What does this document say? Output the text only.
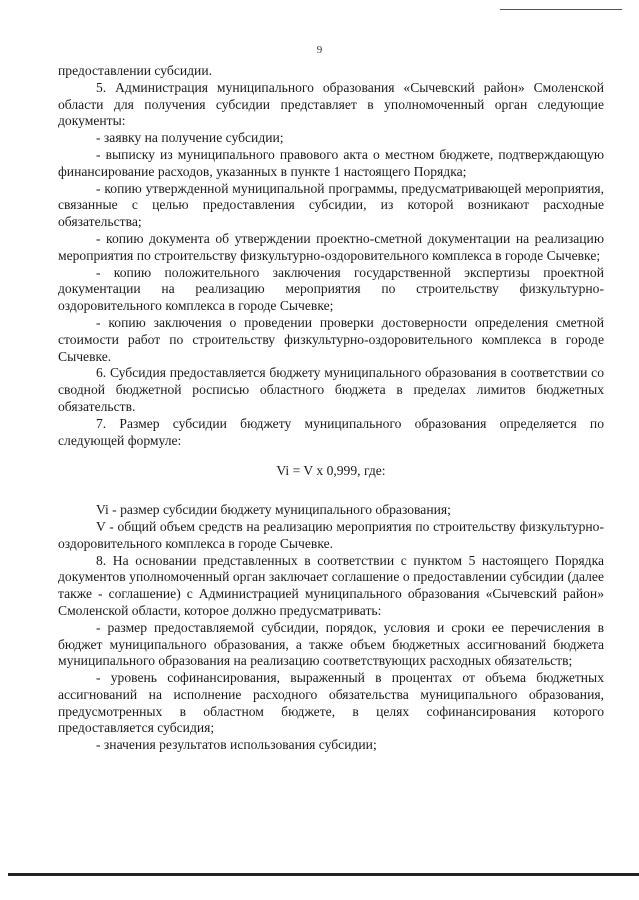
9

предоставлении субсидии.

5. Администрация муниципального образования «Сычевский район» Смоленской области для получения субсидии представляет в уполномоченный орган следующие документы:

- заявку на получение субсидии;

- выписку из муниципального правового акта о местном бюджете, подтверждающую финансирование расходов, указанных в пункте 1 настоящего Порядка;

- копию утвержденной муниципальной программы, предусматривающей мероприятия, связанные с целью предоставления субсидии, из которой возникают расходные обязательства;

- копию документа об утверждении проектно-сметной документации на реализацию мероприятия по строительству физкультурно-оздоровительного комплекса в городе Сычевке;

- копию положительного заключения государственной экспертизы проектной документации на реализацию мероприятия по строительству физкультурно-оздоровительного комплекса в городе Сычевке;

- копию заключения о проведении проверки достоверности определения сметной стоимости работ по строительству физкультурно-оздоровительного комплекса в городе Сычевке.

6. Субсидия предоставляется бюджету муниципального образования в соответствии со сводной бюджетной росписью областного бюджета в пределах лимитов бюджетных обязательств.

7. Размер субсидии бюджету муниципального образования определяется по следующей формуле:

Vi = V x 0,999, где:

Vi - размер субсидии бюджету муниципального образования;

V - общий объем средств на реализацию мероприятия по строительству физкультурно-оздоровительного комплекса в городе Сычевке.

8. На основании представленных в соответствии с пунктом 5 настоящего Порядка документов уполномоченный орган заключает соглашение о предоставлении субсидии (далее также - соглашение) с Администрацией муниципального образования «Сычевский район» Смоленской области, которое должно предусматривать:

- размер предоставляемой субсидии, порядок, условия и сроки ее перечисления в бюджет муниципального образования, а также объем бюджетных ассигнований бюджета муниципального образования на реализацию соответствующих расходных обязательств;

- уровень софинансирования, выраженный в процентах от объема бюджетных ассигнований на исполнение расходного обязательства муниципального образования, предусмотренных в областном бюджете, в целях софинансирования которого предоставляется субсидия;

- значения результатов использования субсидии;
